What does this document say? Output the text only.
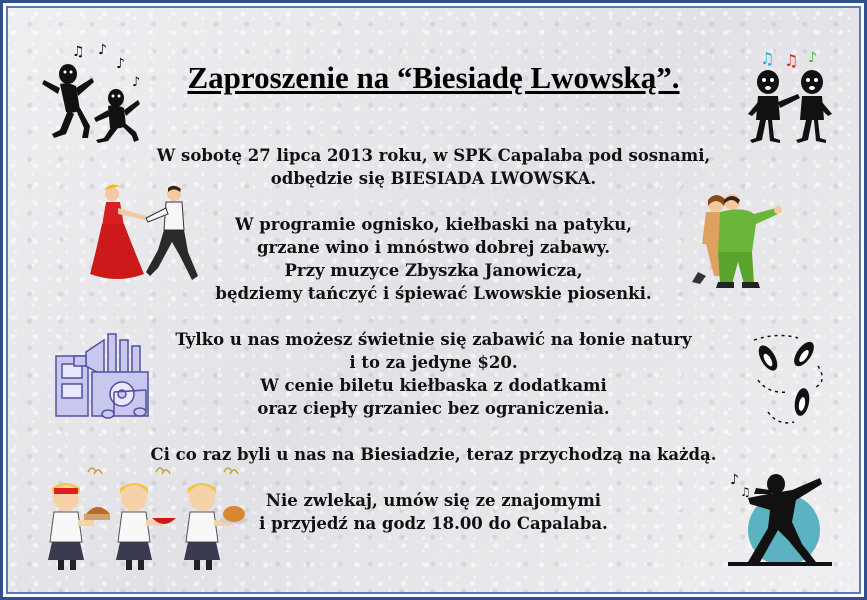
Zaproszenie na “Biesiadę Lwowską”.

W sobotę 27 lipca 2013 roku, w SPK Capalaba pod sosnami,
odbędzie się BIESIADA LWOWSKA.

W programie ognisko, kiełbaski na patyku,
grzane wino i mnóstwo dobrej zabawy.
Przy muzyce Zbyszka Janowicza,
będziemy tańczyć i śpiewać Lwowskie piosenki.

Tylko u nas możesz świetnie się zabawić na łonie natury
i to za jedyne $20.
W cenie biletu kiełbaska z dodatkami
oraz ciepły grzaniec bez ograniczenia.

Ci co raz byli u nas na Biesiadzie, teraz przychodzą na każdą.

Nie zwlekaj, umów się ze znajomymi
i przyjedź na godz 18.00 do Capalaba.

♫ ♪
♪
♪
♫ ♫ ♪
♪
♫
